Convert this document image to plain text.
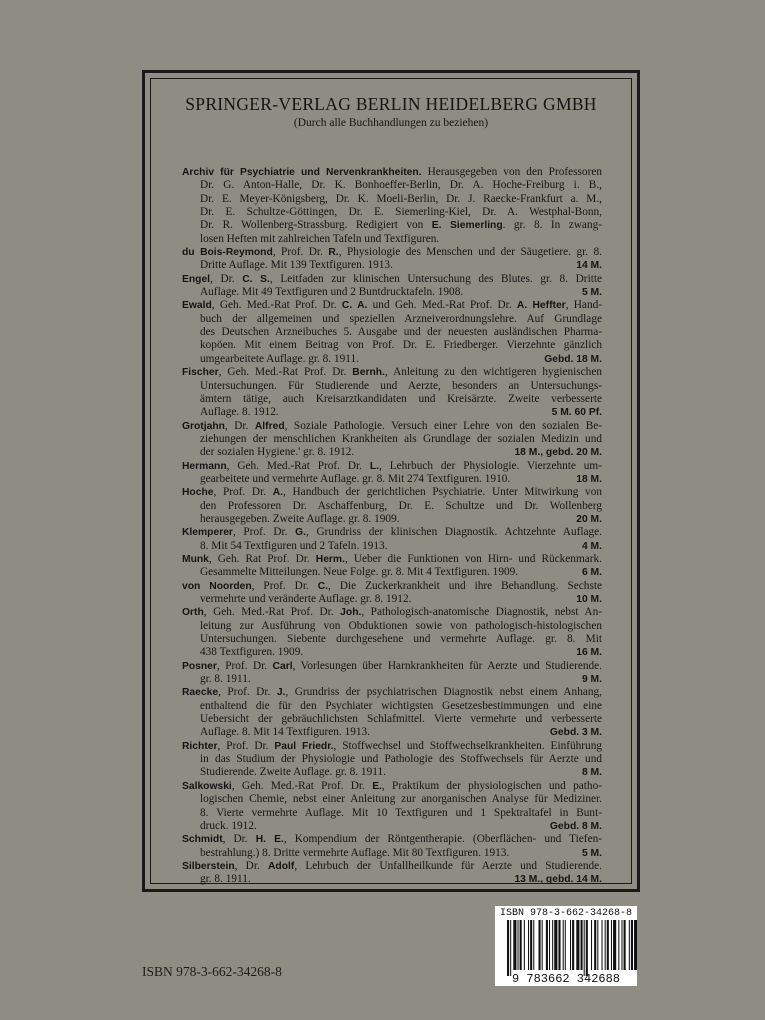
SPRINGER-VERLAG BERLIN HEIDELBERG GMBH
(Durch alle Buchhandlungen zu beziehen)
Archiv für Psychiatrie und Nervenkrankheiten. Herausgegeben von den Professoren
Dr. G. Anton-Halle, Dr. K. Bonhoeffer-Berlin, Dr. A. Hoche-Freiburg i. B.,
Dr. E. Meyer-Königsberg, Dr. K. Moeli-Berlin, Dr. J. Raecke-Frankfurt a. M.,
Dr. E. Schultze-Göttingen, Dr. E. Siemerling-Kiel, Dr. A. Westphal-Bonn,
Dr. R. Wollenberg-Strassburg. Redigiert von E. Siemerling. gr. 8. In zwang-
losen Heften mit zahlreichen Tafeln und Textfiguren.
du Bois-Reymond, Prof. Dr. R., Physiologie des Menschen und der Säugetiere. gr. 8.
Dritte Auflage. Mit 139 Textfiguren. 1913.	14 M.
Engel, Dr. C. S., Leitfaden zur klinischen Untersuchung des Blutes. gr. 8. Dritte
Auflage. Mit 49 Textfiguren und 2 Buntdrucktafeln. 1908.	5 M.
Ewald, Geh. Med.-Rat Prof. Dr. C. A. und Geh. Med.-Rat Prof. Dr. A. Heffter, Hand-
buch der allgemeinen und speziellen Arzneiverordnungslehre. Auf Grundlage
des Deutschen Arzneibuches 5. Ausgabe und der neuesten ausländischen Pharma-
kopöen. Mit einem Beitrag von Prof. Dr. E. Friedberger. Vierzehnte gänzlich
umgearbeitete Auflage. gr. 8. 1911.	Gebd. 18 M.
Fischer, Geh. Med.-Rat Prof. Dr. Bernh., Anleitung zu den wichtigeren hygienischen
Untersuchungen. Für Studierende und Aerzte, besonders an Untersuchungs-
ämtern tätige, auch Kreisarztkandidaten und Kreisärzte. Zweite verbesserte
Auflage. 8. 1912.	5 M. 60 Pf.
Grotjahn, Dr. Alfred, Soziale Pathologie. Versuch einer Lehre von den sozialen Be-
ziehungen der menschlichen Krankheiten als Grundlage der sozialen Medizin und
der sozialen Hygiene.' gr. 8. 1912.	18 M., gebd. 20 M.
Hermann, Geh. Med.-Rat Prof. Dr. L., Lehrbuch der Physiologie. Vierzehnte um-
gearbeitete und vermehrte Auflage. gr. 8. Mit 274 Textfiguren. 1910.	18 M.
Hoche, Prof. Dr. A., Handbuch der gerichtlichen Psychiatrie. Unter Mitwirkung von
den Professoren Dr. Aschaffenburg, Dr. E. Schultze und Dr. Wollenberg
herausgegeben. Zweite Auflage. gr. 8. 1909.	20 M.
Klemperer, Prof. Dr. G., Grundriss der klinischen Diagnostik. Achtzehnte Auflage.
8. Mit 54 Textfiguren und 2 Tafeln. 1913.	4 M.
Munk, Geh. Rat Prof. Dr. Herm., Ueber die Funktionen von Hirn- und Rückenmark.
Gesammelte Mitteilungen. Neue Folge. gr. 8. Mit 4 Textfiguren. 1909.	6 M.
von Noorden, Prof. Dr. C., Die Zuckerkrankheit und ihre Behandlung. Sechste
vermehrte und veränderte Auflage. gr. 8. 1912.	10 M.
Orth, Geh. Med.-Rat Prof. Dr. Joh., Pathologisch-anatomische Diagnostik, nebst An-
leitung zur Ausführung von Obduktionen sowie von pathologisch-histologischen
Untersuchungen. Siebente durchgesehene und vermehrte Auflage. gr. 8. Mit
438 Textfiguren. 1909.	16 M.
Posner, Prof. Dr. Carl, Vorlesungen über Harnkrankheiten für Aerzte und Studierende.
gr. 8. 1911.	9 M.
Raecke, Prof. Dr. J., Grundriss der psychiatrischen Diagnostik nebst einem Anhang,
enthaltend die für den Psychiater wichtigsten Gesetzesbestimmungen und eine
Uebersicht der gebräuchlichsten Schlafmittel. Vierte vermehrte und verbesserte
Auflage. 8. Mit 14 Textfiguren. 1913.	Gebd. 3 M.
Richter, Prof. Dr. Paul Friedr., Stoffwechsel und Stoffwechselkrankheiten. Einführung
in das Studium der Physiologie und Pathologie des Stoffwechsels für Aerzte und
Studierende. Zweite Auflage. gr. 8. 1911.	8 M.
Salkowski, Geh. Med.-Rat Prof. Dr. E., Praktikum der physiologischen und patho-
logischen Chemie, nebst einer Anleitung zur anorganischen Analyse für Mediziner.
8. Vierte vermehrte Auflage. Mit 10 Textfiguren und 1 Spektraltafel in Bunt-
druck. 1912.	Gebd. 8 M.
Schmidt, Dr. H. E., Kompendium der Röntgentherapie. (Oberflächen- und Tiefen-
bestrahlung.) 8. Dritte vermehrte Auflage. Mit 80 Textfiguren. 1913.	5 M.
Silberstein, Dr. Adolf, Lehrbuch der Unfallheilkunde für Aerzte und Studierende.
gr. 8. 1911.	13 M., gebd. 14 M.
ISBN 978-3-662-34268-8
ISBN 978-3-662-34268-8
9 783662 342688
